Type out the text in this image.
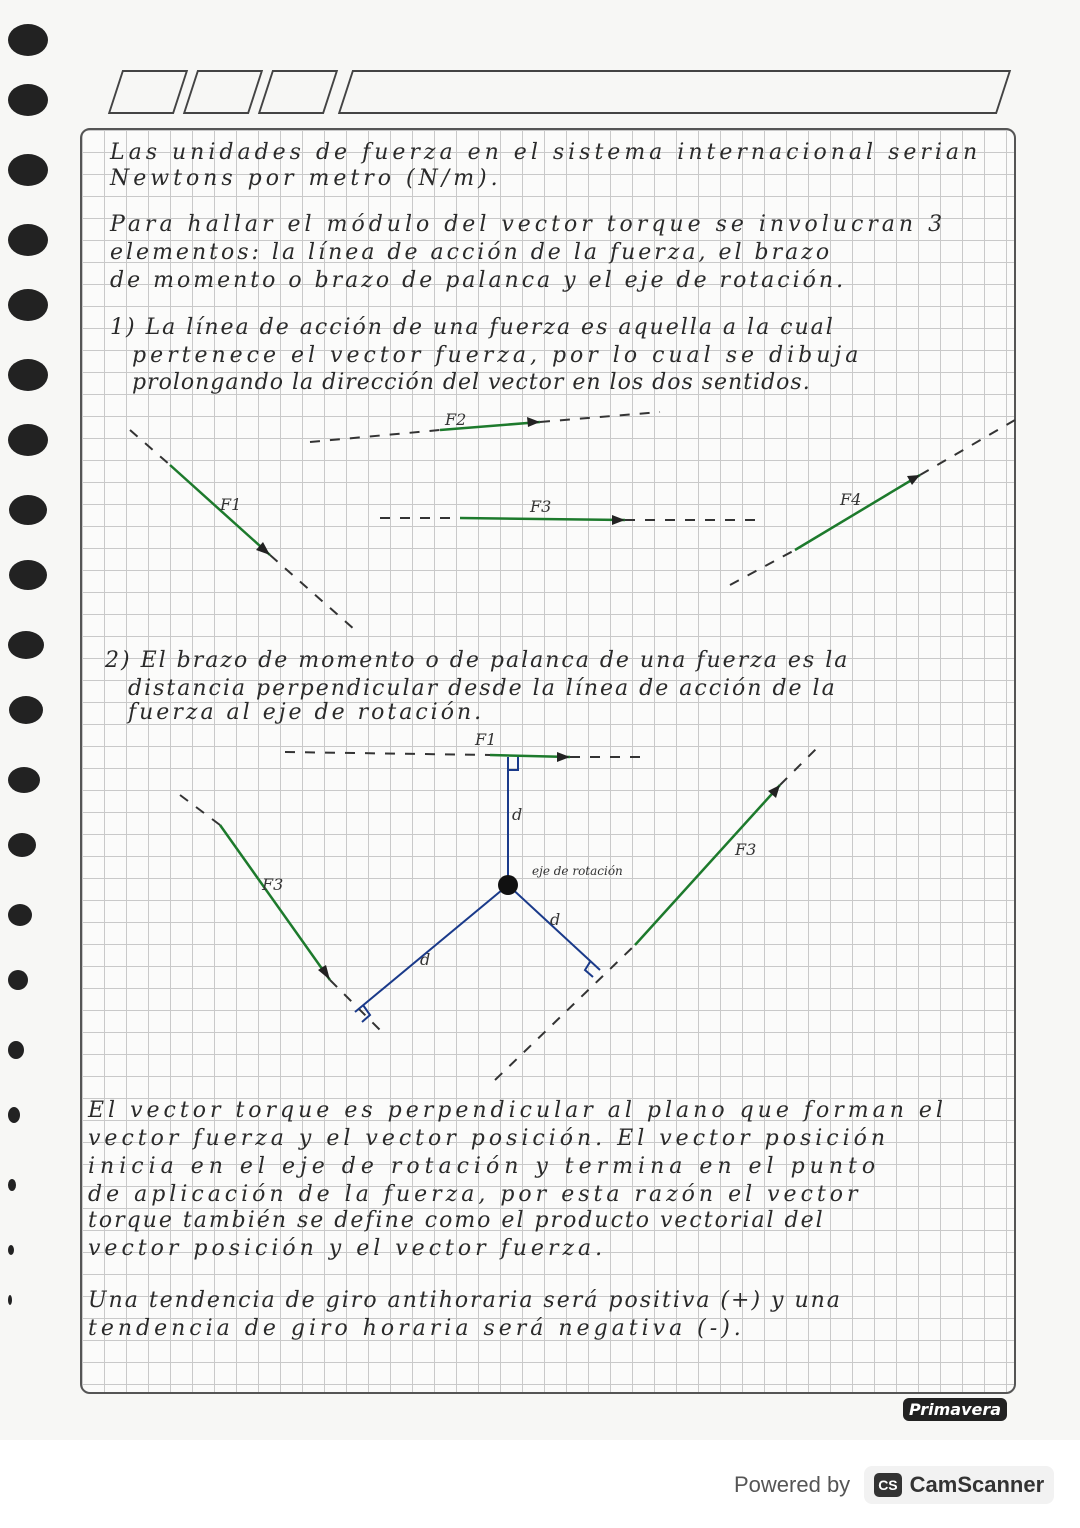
Las unidades de fuerza en el sistema internacional serian
Newtons por metro (N/m).
Para hallar el módulo del vector torque se involucran 3
elementos: la línea de acción de la fuerza, el brazo
de momento o brazo de palanca y el eje de rotación.
1) La línea de acción de una fuerza es aquella a la cual
pertenece el vector fuerza, por lo cual se dibuja
prolongando la dirección del vector en los dos sentidos.
F1
F2
F3	F4
2) El brazo de momento o de palanca de una fuerza es la
distancia perpendicular desde la línea de acción de la
fuerza al eje de rotación.
F1
d
eje de rotación
F3
F3
d
d
El vector torque es perpendicular al plano que forman el
vector fuerza y el vector posición. El vector posición
inicia en el eje de rotación y termina en el punto
de aplicación de la fuerza, por esta razón el vector
torque también se define como el producto vectorial del
vector posición y el vector fuerza.
Una tendencia de giro antihoraria será positiva (+) y una
tendencia de giro horaria será negativa (-).
Primavera
Powered by CS CamScanner
